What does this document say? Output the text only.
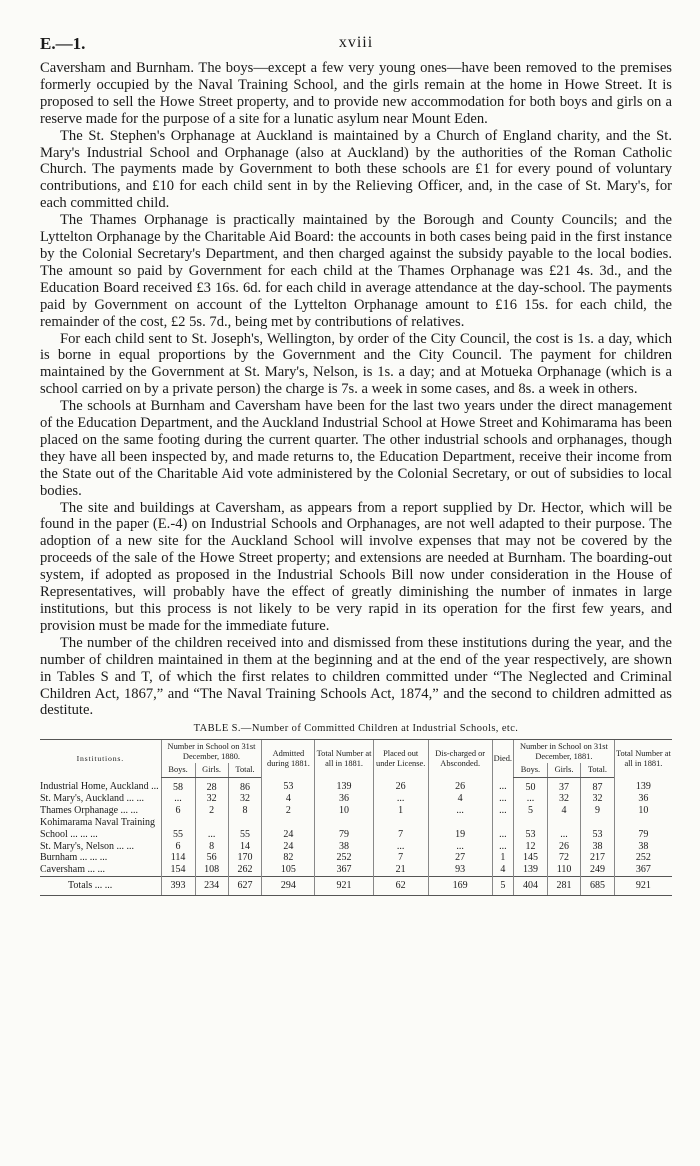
E.—1.	xviii

Caversham and Burnham. The boys—except a few very young ones—have been removed to the premises formerly occupied by the Naval Training School, and the girls remain at the home in Howe Street. It is proposed to sell the Howe Street property, and to provide new accommodation for both boys and girls on a reserve made for the purpose of a site for a lunatic asylum near Mount Eden.

The St. Stephen's Orphanage at Auckland is maintained by a Church of England charity, and the St. Mary's Industrial School and Orphanage (also at Auckland) by the authorities of the Roman Catholic Church. The payments made by Government to both these schools are £1 for every pound of voluntary contributions, and £10 for each child sent in by the Relieving Officer, and, in the case of St. Mary's, for each committed child.

The Thames Orphanage is practically maintained by the Borough and County Councils; and the Lyttelton Orphanage by the Charitable Aid Board: the accounts in both cases being paid in the first instance by the Colonial Secretary's Department, and then charged against the subsidy payable to the local bodies. The amount so paid by Government for each child at the Thames Orphanage was £21 4s. 3d., and the Education Board received £3 16s. 6d. for each child in average attendance at the day-school. The payments paid by Government on account of the Lyttelton Orphanage amount to £16 15s. for each child, the remainder of the cost, £2 5s. 7d., being met by contributions of relatives.

For each child sent to St. Joseph's, Wellington, by order of the City Council, the cost is 1s. a day, which is borne in equal proportions by the Government and the City Council. The payment for children maintained by the Government at St. Mary's, Nelson, is 1s. a day; and at Motueka Orphanage (which is a school carried on by a private person) the charge is 7s. a week in some cases, and 8s. a week in others.

The schools at Burnham and Caversham have been for the last two years under the direct management of the Education Department, and the Auckland Industrial School at Howe Street and Kohimarama has been placed on the same footing during the current quarter. The other industrial schools and orphanages, though they have all been inspected by, and made returns to, the Education Department, receive their income from the State out of the Charitable Aid vote administered by the Colonial Secretary, or out of subsidies to local bodies.

The site and buildings at Caversham, as appears from a report supplied by Dr. Hector, which will be found in the paper (E.-4) on Industrial Schools and Orphanages, are not well adapted to their purpose. The adoption of a new site for the Auckland School will involve expenses that may not be covered by the proceeds of the sale of the Howe Street property; and extensions are needed at Burnham. The boarding-out system, if adopted as proposed in the Industrial Schools Bill now under consideration in the House of Representatives, will probably have the effect of greatly diminishing the number of inmates in large institutions, but this process is not likely to be very rapid in its operation for the first few years, and provision must be made for the immediate future.

The number of the children received into and dismissed from these institutions during the year, and the number of children maintained in them at the beginning and at the end of the year respectively, are shown in Tables S and T, of which the first relates to children committed under “The Neglected and Criminal Children Act, 1867,” and “The Naval Training Schools Act, 1874,” and the second to children admitted as destitute.

TABLE S.—Number of Committed Children at Industrial Schools, etc.
Institutions.	Number in School on 31st December, 1880.			Admitted during 1881.	Total Number at all in 1881.	Placed out under License.	Dis-charged or Absconded.	Died.	Number in School on 31st December, 1881.			Total Number at all in 1881.
	Boys.	Girls.	Total.						Boys.	Girls.	Total.	
Industrial Home, Auckland ...	58	28	86	53	139	26	26	...	50	37	87	139
St. Mary's, Auckland ... ...	...	32	32	4	36	...	4	...	...	32	32	36
Thames Orphanage ... ...	6	2	8	2	10	1	...	...	5	4	9	10
Kohimarama Naval Training												
School ... ... ...	55	...	55	24	79	7	19	...	53	...	53	79
St. Mary's, Nelson ... ...	6	8	14	24	38	...	...	...	12	26	38	38
Burnham ... ... ...	114	56	170	82	252	7	27	1	145	72	217	252
Caversham ... ...	154	108	262	105	367	21	93	4	139	110	249	367
Totals ... ...	393	234	627	294	921	62	169	5	404	281	685	921
